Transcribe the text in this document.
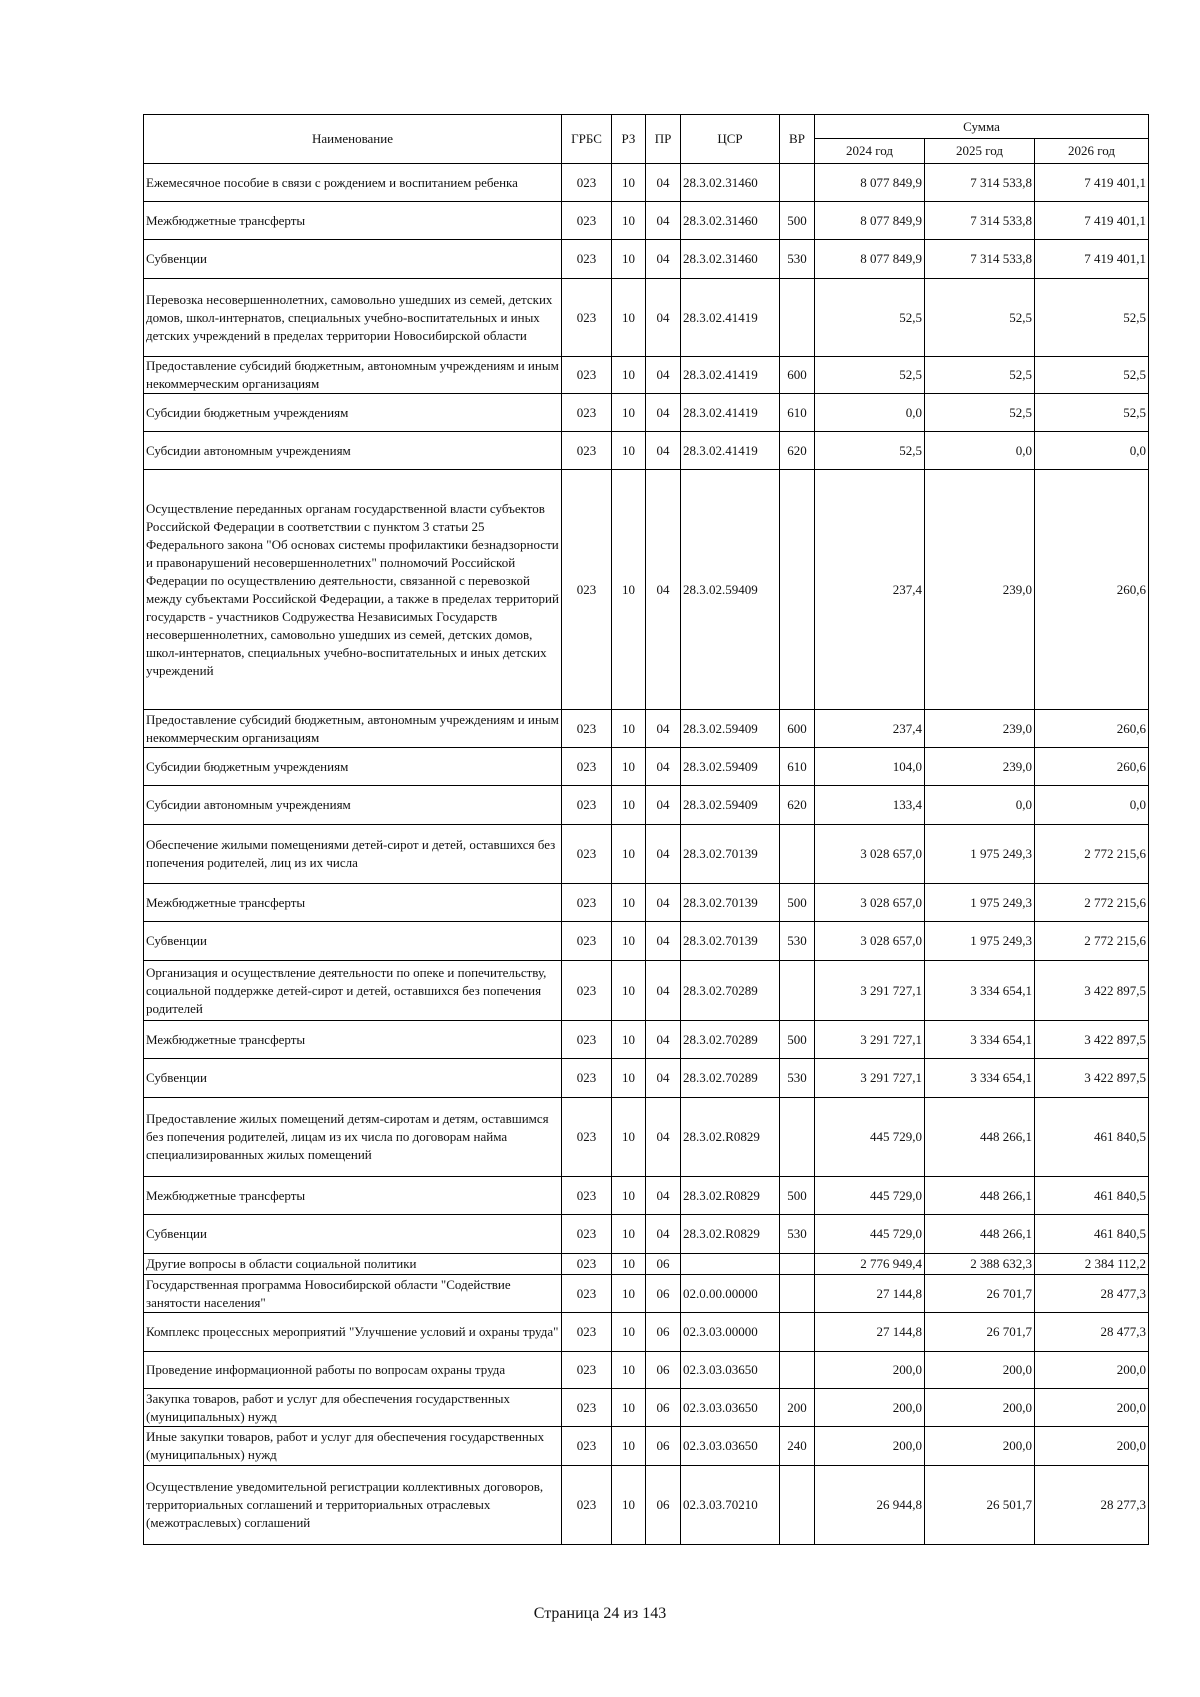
Наименование	ГРБС	РЗ	ПР	ЦСР	ВР	Сумма		
						2024 год	2025 год	2026 год
Ежемесячное пособие в связи с рождением и воспитанием ребенка	023	10	04	28.3.02.31460		8 077 849,9	7 314 533,8	7 419 401,1
Межбюджетные трансферты	023	10	04	28.3.02.31460	500	8 077 849,9	7 314 533,8	7 419 401,1
Субвенции	023	10	04	28.3.02.31460	530	8 077 849,9	7 314 533,8	7 419 401,1
Перевозка несовершеннолетних, самовольно ушедших из семей, детских домов, школ-интернатов, специальных учебно-воспитательных и иных детских учреждений в пределах территории Новосибирской области	023	10	04	28.3.02.41419		52,5	52,5	52,5
Предоставление субсидий бюджетным, автономным учреждениям и иным некоммерческим организациям	023	10	04	28.3.02.41419	600	52,5	52,5	52,5
Субсидии бюджетным учреждениям	023	10	04	28.3.02.41419	610	0,0	52,5	52,5
Субсидии автономным учреждениям	023	10	04	28.3.02.41419	620	52,5	0,0	0,0
Осуществление переданных органам государственной власти субъектов Российской Федерации в соответствии с пунктом 3 статьи 25 Федерального закона "Об основах системы профилактики безнадзорности и правонарушений несовершеннолетних" полномочий Российской Федерации по осуществлению деятельности, связанной с перевозкой между субъектами Российской Федерации, а также в пределах территорий государств - участников Содружества Независимых Государств несовершеннолетних, самовольно ушедших из семей, детских домов, школ-интернатов, специальных учебно-воспитательных и иных детских учреждений	023	10	04	28.3.02.59409		237,4	239,0	260,6
Предоставление субсидий бюджетным, автономным учреждениям и иным некоммерческим организациям	023	10	04	28.3.02.59409	600	237,4	239,0	260,6
Субсидии бюджетным учреждениям	023	10	04	28.3.02.59409	610	104,0	239,0	260,6
Субсидии автономным учреждениям	023	10	04	28.3.02.59409	620	133,4	0,0	0,0
Обеспечение жилыми помещениями детей-сирот и детей, оставшихся без попечения родителей, лиц из их числа	023	10	04	28.3.02.70139		3 028 657,0	1 975 249,3	2 772 215,6
Межбюджетные трансферты	023	10	04	28.3.02.70139	500	3 028 657,0	1 975 249,3	2 772 215,6
Субвенции	023	10	04	28.3.02.70139	530	3 028 657,0	1 975 249,3	2 772 215,6
Организация и осуществление деятельности по опеке и попечительству, социальной поддержке детей-сирот и детей, оставшихся без попечения родителей	023	10	04	28.3.02.70289		3 291 727,1	3 334 654,1	3 422 897,5
Межбюджетные трансферты	023	10	04	28.3.02.70289	500	3 291 727,1	3 334 654,1	3 422 897,5
Субвенции	023	10	04	28.3.02.70289	530	3 291 727,1	3 334 654,1	3 422 897,5
Предоставление жилых помещений детям-сиротам и детям, оставшимся без попечения родителей, лицам из их числа по договорам найма специализированных жилых помещений	023	10	04	28.3.02.R0829		445 729,0	448 266,1	461 840,5
Межбюджетные трансферты	023	10	04	28.3.02.R0829	500	445 729,0	448 266,1	461 840,5
Субвенции	023	10	04	28.3.02.R0829	530	445 729,0	448 266,1	461 840,5
Другие вопросы в области социальной политики	023	10	06			2 776 949,4	2 388 632,3	2 384 112,2
Государственная программа Новосибирской области "Содействие занятости населения"	023	10	06	02.0.00.00000		27 144,8	26 701,7	28 477,3
Комплекс процессных мероприятий "Улучшение условий и охраны труда"	023	10	06	02.3.03.00000		27 144,8	26 701,7	28 477,3
Проведение информационной работы по вопросам охраны труда	023	10	06	02.3.03.03650		200,0	200,0	200,0
Закупка товаров, работ и услуг для обеспечения государственных (муниципальных) нужд	023	10	06	02.3.03.03650	200	200,0	200,0	200,0
Иные закупки товаров, работ и услуг для обеспечения государственных (муниципальных) нужд	023	10	06	02.3.03.03650	240	200,0	200,0	200,0
Осуществление уведомительной регистрации коллективных договоров, территориальных соглашений и территориальных отраслевых (межотраслевых) соглашений	023	10	06	02.3.03.70210		26 944,8	26 501,7	28 277,3
Страница 24 из 143
